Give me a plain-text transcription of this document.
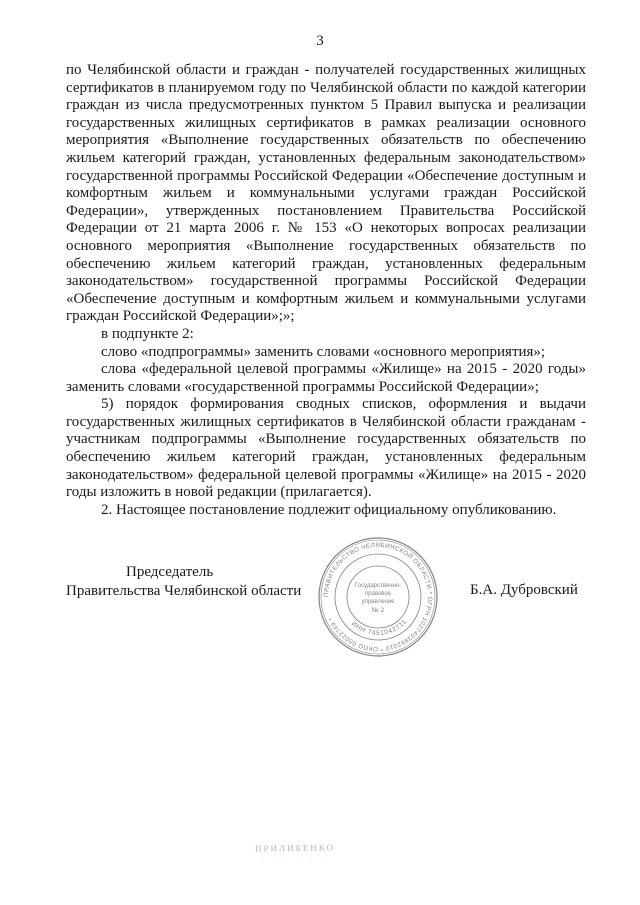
3

по Челябинской области и граждан - получателей государственных жилищных сертификатов в планируемом году по Челябинской области по каждой категории граждан из числа предусмотренных пунктом 5 Правил выпуска и реализации государственных жилищных сертификатов в рамках реализации основного мероприятия «Выполнение государственных обязательств по обеспечению жильем категорий граждан, установленных федеральным законодательством» государственной программы Российской Федерации «Обеспечение доступным и комфортным жильем и коммунальными услугами граждан Российской Федерации», утвержденных постановлением Правительства Российской Федерации от 21 марта 2006 г. № 153 «О некоторых вопросах реализации основного мероприятия «Выполнение государственных обязательств по обеспечению жильем категорий граждан, установленных федеральным законодательством» государственной программы Российской Федерации «Обеспечение доступным и комфортным жильем и коммунальными услугами граждан Российской Федерации»;»;

в подпункте 2:

слово «подпрограммы» заменить словами «основного мероприятия»;

слова «федеральной целевой программы «Жилище» на 2015 - 2020 годы» заменить словами «государственной программы Российской Федерации»;

5) порядок формирования сводных списков, оформления и выдачи государственных жилищных сертификатов в Челябинской области гражданам - участникам подпрограммы «Выполнение государственных обязательств по обеспечению жильем категорий граждан, установленных федеральным законодательством» федеральной целевой программы «Жилище» на 2015 - 2020 годы изложить в новой редакции (прилагается).

2. Настоящее постановление подлежит официальному опубликованию.

Председатель
Правительства Челябинской области	ПРАВИТЕЛЬСТВО ЧЕЛЯБИНСКОЙ ОБЛАСТИ * ОГРН 1027403862210 * ОКПО 00022749 *
ИНН 7451042711
Государственно-
правовое
управление
№ 2
Б.А. Дубровский
ПРИЛИБЕНКО
· · · · · ·
